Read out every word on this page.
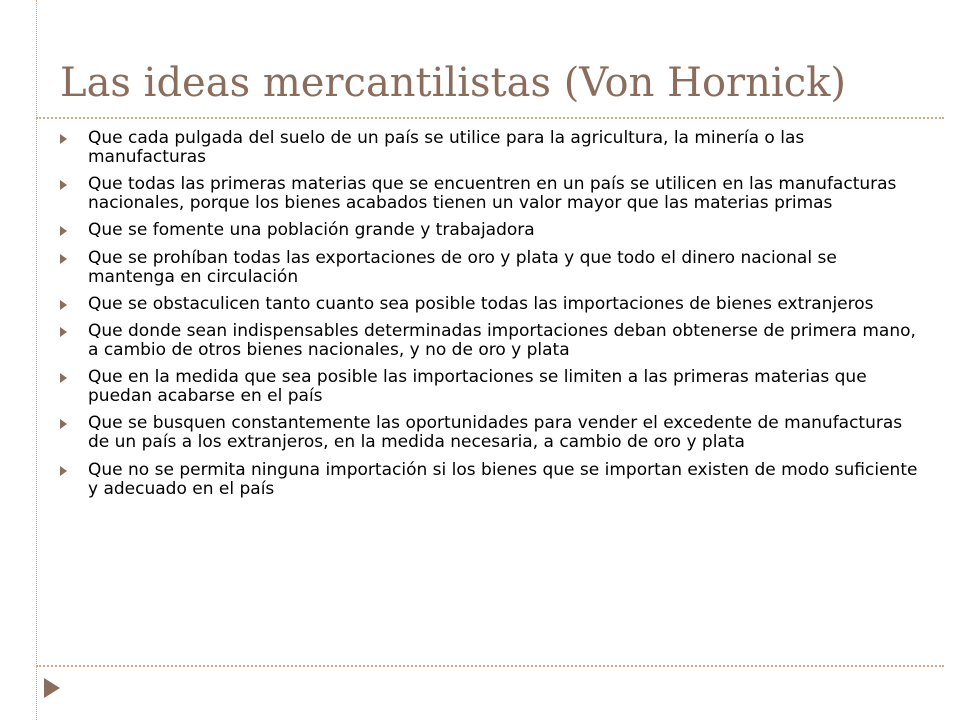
Las ideas mercantilistas (Von Hornick)
Que cada pulgada del suelo de un país se utilice para la agricultura, la minería o las manufacturas
Que todas las primeras materias que se encuentren en un país se utilicen en las manufacturas nacionales, porque los bienes acabados tienen un valor mayor que las materias primas
Que se fomente una población grande y trabajadora
Que se prohíban todas las exportaciones de oro y plata y que todo el dinero nacional se mantenga en circulación
Que se obstaculicen tanto cuanto sea posible todas las importaciones de bienes extranjeros
Que donde sean indispensables determinadas importaciones deban obtenerse de primera mano, a cambio de otros bienes nacionales, y no de oro y plata
Que en la medida que sea posible las importaciones se limiten a las primeras materias que puedan acabarse en el país
Que se busquen constantemente las oportunidades para vender el excedente de manufacturas de un país a los extranjeros, en la medida necesaria, a cambio de oro y plata
Que no se permita ninguna importación si los bienes que se importan existen de modo suficiente y adecuado en el país
